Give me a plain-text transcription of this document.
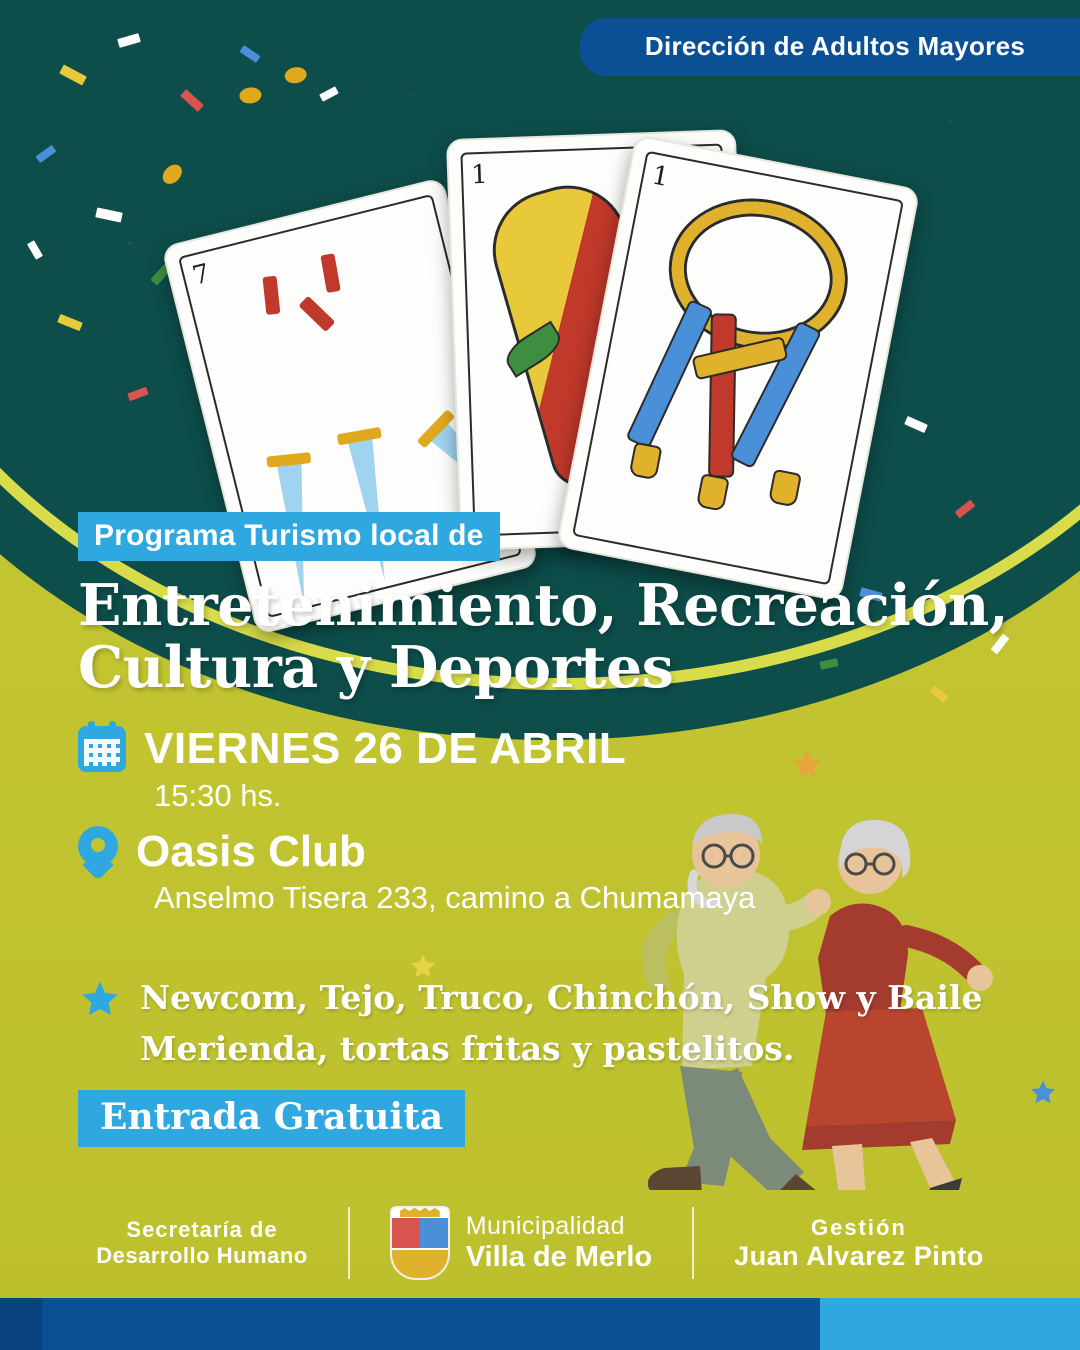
Dirección de Adultos Mayores
7
1	1
Programa Turismo local de
Entretenimiento, Recreación,
Cultura y Deportes
VIERNES 26 DE ABRIL
15:30 hs.
Oasis Club
Anselmo Tisera 233, camino a Chumamaya
Newcom, Tejo, Truco, Chinchón, Show y Baile
Merienda, tortas fritas y pastelitos.
Entrada Gratuita
Secretaría de
Desarrollo Humano
Municipalidad
Villa de Merlo
Gestión
Juan Alvarez Pinto
